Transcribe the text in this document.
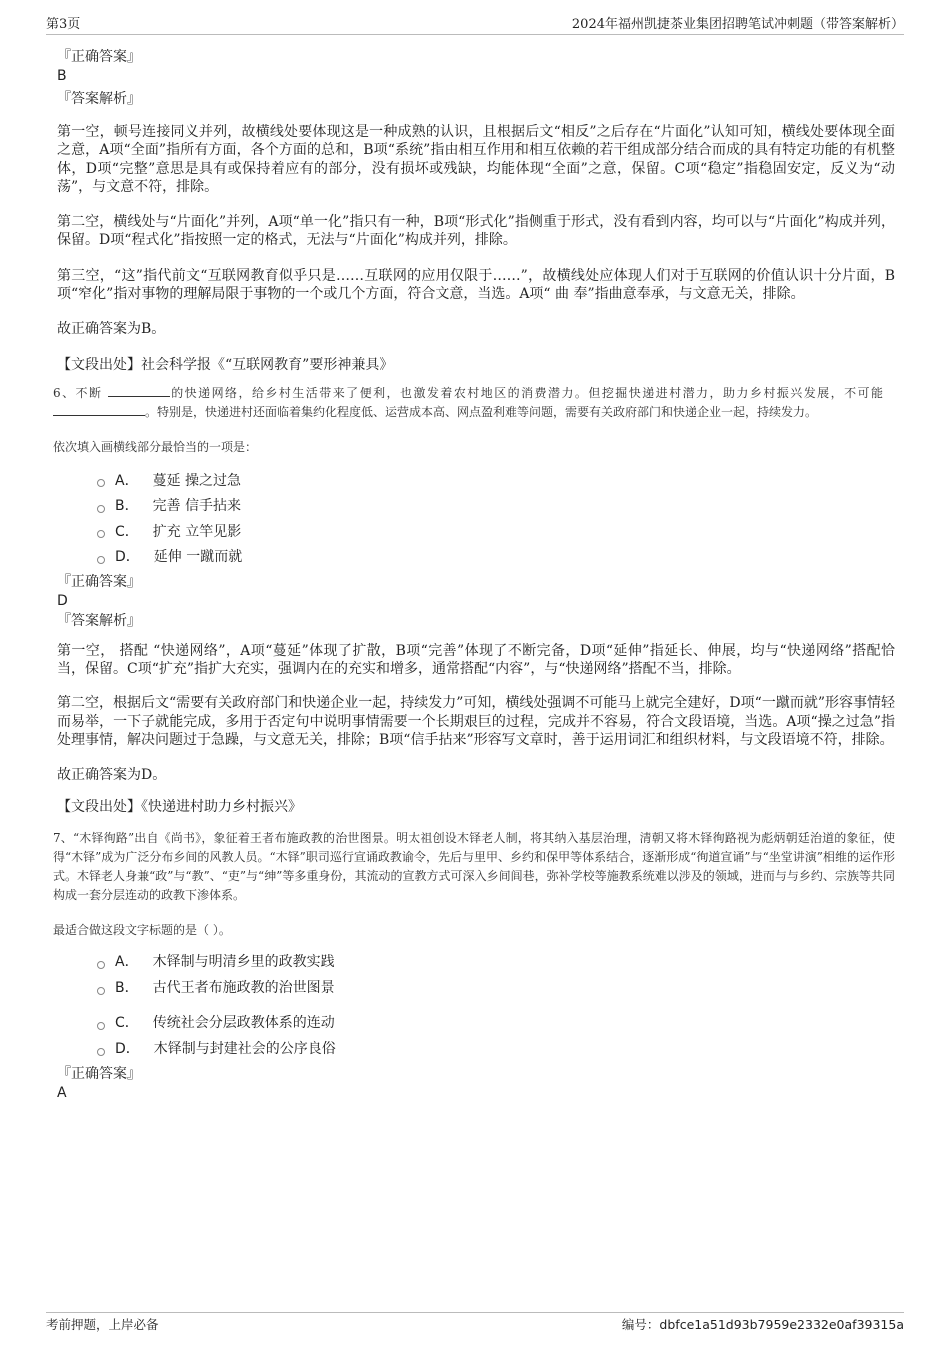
第3页	2024年福州凯捷茶业集团招聘笔试冲刺题（带答案解析）
『正确答案』
B
『答案解析』

第一空，顿号连接同义并列，故横线处要体现这是一种成熟的认识，且根据后文“相反”之后存在“片面化”认知可知，横线处要体现全面之意，A项“全面”指所有方面，各个方面的总和，B项“系统”指由相互作用和相互依赖的若干组成部分结合而成的具有特定功能的有机整体，D项“完整”意思是具有或保持着应有的部分，没有损坏或残缺，均能体现“全面”之意，保留。C项“稳定”指稳固安定，反义为“动荡”，与文意不符，排除。

第二空，横线处与“片面化”并列，A项“单一化”指只有一种，B项“形式化”指侧重于形式，没有看到内容，均可以与“片面化”构成并列，保留。D项“程式化”指按照一定的格式，无法与“片面化”构成并列，排除。

第三空，“这”指代前文“互联网教育似乎只是……互联网的应用仅限于……”，故横线处应体现人们对于互联网的价值认识十分片面，B项“窄化”指对事物的理解局限于事物的一个或几个方面，符合文意，当选。A项“ 曲 奉”指曲意奉承，与文意无关，排除。

故正确答案为B。

【文段出处】社会科学报《“互联网教育”要形神兼具》

6、不断	的快递网络，给乡村生活带来了便利，也激发着农村地区的消费潜力。但挖掘快递进村潜力，助力乡村振兴发展，不可能。特别是，快递进村还面临着集约化程度低、运营成本高、网点盈利难等问题，需要有关政府部门和快递企业一起，持续发力。

依次填入画横线部分最恰当的一项是：

A． 蔓延 操之过急
B． 完善 信手拈来
C． 扩充 立竿见影
D． 延伸 一蹴而就
『正确答案』
D
『答案解析』

第一空， 搭配 “快递网络”，A项“蔓延”体现了扩散，B项“完善”体现了不断完备，D项“延伸”指延长、伸展，均与“快递网络”搭配恰当，保留。C项“扩充”指扩大充实，强调内在的充实和增多，通常搭配“内容”，与“快递网络”搭配不当，排除。

第二空，根据后文“需要有关政府部门和快递企业一起，持续发力”可知，横线处强调不可能马上就完全建好，D项“一蹴而就”形容事情轻而易举，一下子就能完成，多用于否定句中说明事情需要一个长期艰巨的过程，完成并不容易，符合文段语境，当选。A项“操之过急”指处理事情，解决问题过于急躁，与文意无关，排除；B项“信手拈来”形容写文章时，善于运用词汇和组织材料，与文段语境不符，排除。

故正确答案为D。

【文段出处】《快递进村助力乡村振兴》

7、“木铎徇路”出自《尚书》，象征着王者布施政教的治世图景。明太祖创设木铎老人制，将其纳入基层治理，清朝又将木铎徇路视为彪炳朝廷治道的象征，使得“木铎”成为广泛分布乡间的风教人员。“木铎”职司巡行宣诵政教谕令，先后与里甲、乡约和保甲等体系结合，逐渐形成“徇道宣诵”与“坐堂讲演”相维的运作形式。木铎老人身兼“政”与“教”、“吏”与“绅”等多重身份，其流动的宣教方式可深入乡间闾巷，弥补学校等施教系统难以涉及的领域，进而与与乡约、宗族等共同构成一套分层连动的政教下渗体系。

最适合做这段文字标题的是（ ）。

A． 木铎制与明清乡里的政教实践
B． 古代王者布施政教的治世图景
C． 传统社会分层政教体系的连动
D． 木铎制与封建社会的公序良俗
『正确答案』
A
考前押题，上岸必备	编号：dbfce1a51d93b7959e2332e0af39315a
